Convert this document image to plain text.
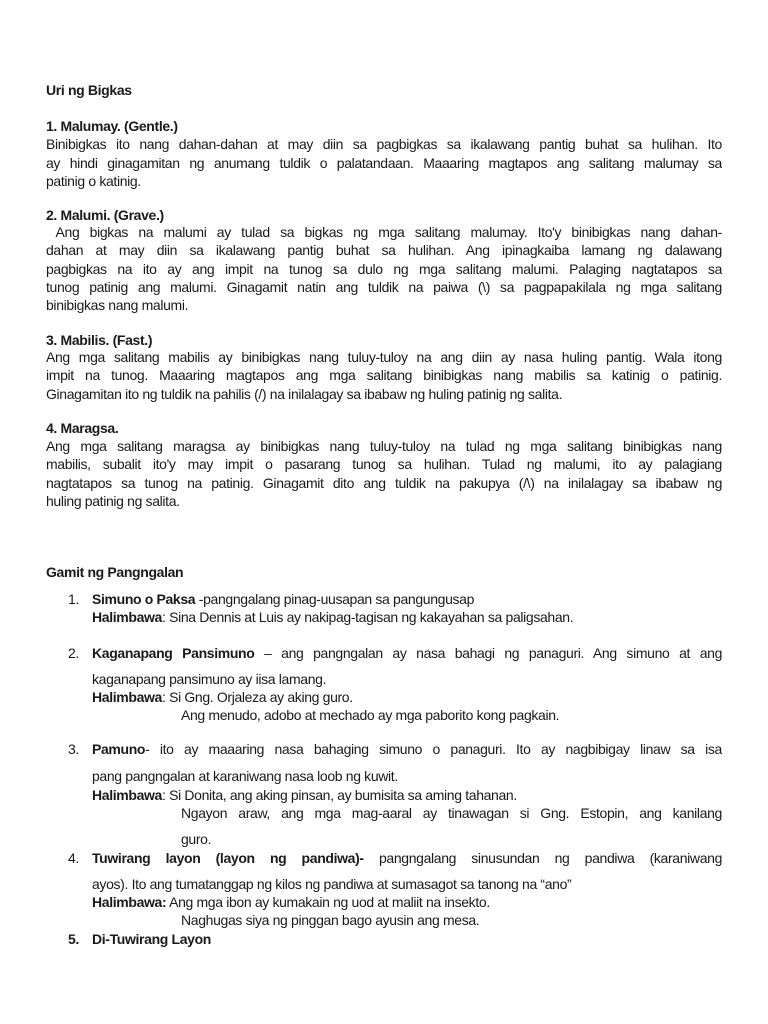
Uri ng Bigkas
1. Malumay. (Gentle.)
Binibigkas ito nang dahan-dahan at may diin sa pagbigkas sa ikalawang pantig buhat sa hulihan. Ito
ay hindi ginagamitan ng anumang tuldik o palatandaan. Maaaring magtapos ang salitang malumay sa
patinig o katinig.
2. Malumi. (Grave.)
Ang bigkas na malumi ay tulad sa bigkas ng mga salitang malumay. Ito'y binibigkas nang dahan-
dahan at may diin sa ikalawang pantig buhat sa hulihan. Ang ipinagkaiba lamang ng dalawang
pagbigkas na ito ay ang impit na tunog sa dulo ng mga salitang malumi. Palaging nagtatapos sa
tunog patinig ang malumi. Ginagamit natin ang tuldik na paiwa (\) sa pagpapakilala ng mga salitang
binibigkas nang malumi.
3. Mabilis. (Fast.)
Ang mga salitang mabilis ay binibigkas nang tuluy-tuloy na ang diin ay nasa huling pantig. Wala itong
impit na tunog. Maaaring magtapos ang mga salitang binibigkas nang mabilis sa katinig o patinig.
Ginagamitan ito ng tuldik na pahilis (/) na inilalagay sa ibabaw ng huling patinig ng salita.
4. Maragsa.
Ang mga salitang maragsa ay binibigkas nang tuluy-tuloy na tulad ng mga salitang binibigkas nang
mabilis, subalit ito'y may impit o pasarang tunog sa hulihan. Tulad ng malumi, ito ay palagiang
nagtatapos sa tunog na patinig. Ginagamit dito ang tuldik na pakupya (/\) na inilalagay sa ibabaw ng
huling patinig ng salita.
Gamit ng Pangngalan
1. Simuno o Paksa -pangngalang pinag-uusapan sa pangungusap
Halimbawa: Sina Dennis at Luis ay nakipag-tagisan ng kakayahan sa paligsahan.
2. Kaganapang Pansimuno – ang pangngalan ay nasa bahagi ng panaguri. Ang simuno at ang
kaganapang pansimuno ay iisa lamang.
Halimbawa: Si Gng. Orjaleza ay aking guro.
Ang menudo, adobo at mechado ay mga paborito kong pagkain.
3. Pamuno- ito ay maaaring nasa bahaging simuno o panaguri. Ito ay nagbibigay linaw sa isa
pang pangngalan at karaniwang nasa loob ng kuwit.
Halimbawa: Si Donita, ang aking pinsan, ay bumisita sa aming tahanan.
Ngayon araw, ang mga mag-aaral ay tinawagan si Gng. Estopin, ang kanilang
guro.
4. Tuwirang layon (layon ng pandiwa)- pangngalang sinusundan ng pandiwa (karaniwang
ayos). Ito ang tumatanggap ng kilos ng pandiwa at sumasagot sa tanong na “ano”
Halimbawa: Ang mga ibon ay kumakain ng uod at maliit na insekto.
Naghugas siya ng pinggan bago ayusin ang mesa.
5. Di-Tuwirang Layon
